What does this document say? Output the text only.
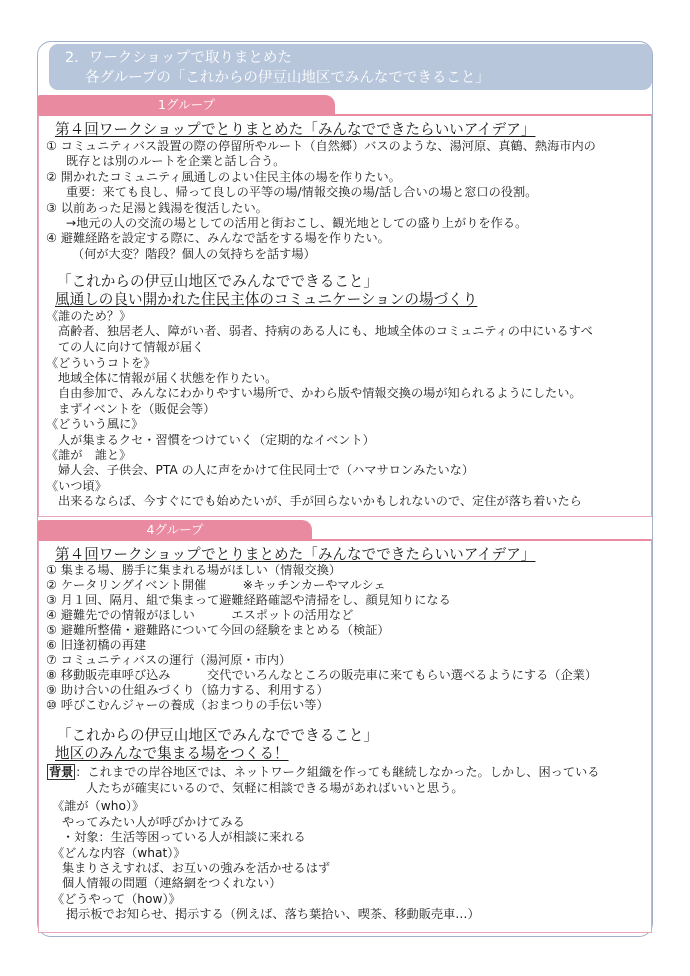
2．ワークショップで取りまとめた
各グループの「これからの伊豆山地区でみんなでできること」
1グループ
第４回ワークショップでとりまとめた「みんなでできたらいいアイデア」
① コミュニティバス設置の際の停留所やルート（自然郷）バスのような、湯河原、真鶴、熱海市内の
既存とは別のルートを企業と話し合う。
② 開かれたコミュニティ風通しのよい住民主体の場を作りたい。
重要：来ても良し、帰って良しの平等の場/情報交換の場/話し合いの場と窓口の役割。
③ 以前あった足湯と銭湯を復活したい。
→地元の人の交流の場としての活用と街おこし、観光地としての盛り上がりを作る。
④ 避難経路を設定する際に、みんなで話をする場を作りたい。
（何が大変？階段？個人の気持ちを話す場）
「これからの伊豆山地区でみんなでできること」
風通しの良い開かれた住民主体のコミュニケーションの場づくり
《誰のため？》
高齢者、独居老人、障がい者、弱者、持病のある人にも、地域全体のコミュニティの中にいるすべ
ての人に向けて情報が届く
《どういうコトを》
地域全体に情報が届く状態を作りたい。
自由参加で、みんなにわかりやすい場所で、かわら版や情報交換の場が知られるようにしたい。
まずイベントを（販促会等）
《どういう風に》
人が集まるクセ・習慣をつけていく（定期的なイベント）
《誰が　誰と》
婦人会、子供会、PTA の人に声をかけて住民同士で（ハマサロンみたいな）
《いつ頃》
出来るならば、今すぐにでも始めたいが、手が回らないかもしれないので、定住が落ち着いたら
4グループ
第４回ワークショップでとりまとめた「みんなでできたらいいアイデア」
① 集まる場、勝手に集まれる場がほしい（情報交換）
② ケータリングイベント開催　　　※キッチンカーやマルシェ
③ 月１回、隔月、組で集まって避難経路確認や清掃をし、顔見知りになる
④ 避難先での情報がほしい　　　エスポットの活用など
⑤ 避難所整備・避難路について今回の経験をまとめる（検証）
⑥ 旧逢初橋の再建
⑦ コミュニティバスの運行（湯河原・市内）
⑧ 移動販売車呼び込み　　　交代でいろんなところの販売車に来てもらい選べるようにする（企業）
⑨ 助け合いの仕組みづくり（協力する、利用する）
⑩ 呼びこむんジャーの養成（おまつりの手伝い等）
「これからの伊豆山地区でみんなでできること」
地区のみんなで集まる場をつくる！
背景 ：これまでの岸谷地区では、ネットワーク組織を作っても継続しなかった。しかし、困っている
人たちが確実にいるので、気軽に相談できる場があればいいと思う。
《誰が（who）》
やってみたい人が呼びかけてみる
・対象：生活等困っている人が相談に来れる
《どんな内容（what）》
集まりさえすれば、お互いの強みを活かせるはず
個人情報の問題（連絡網をつくれない）
《どうやって（how）》
掲示板でお知らせ、掲示する（例えば、落ち葉拾い、喫茶、移動販売車…）
